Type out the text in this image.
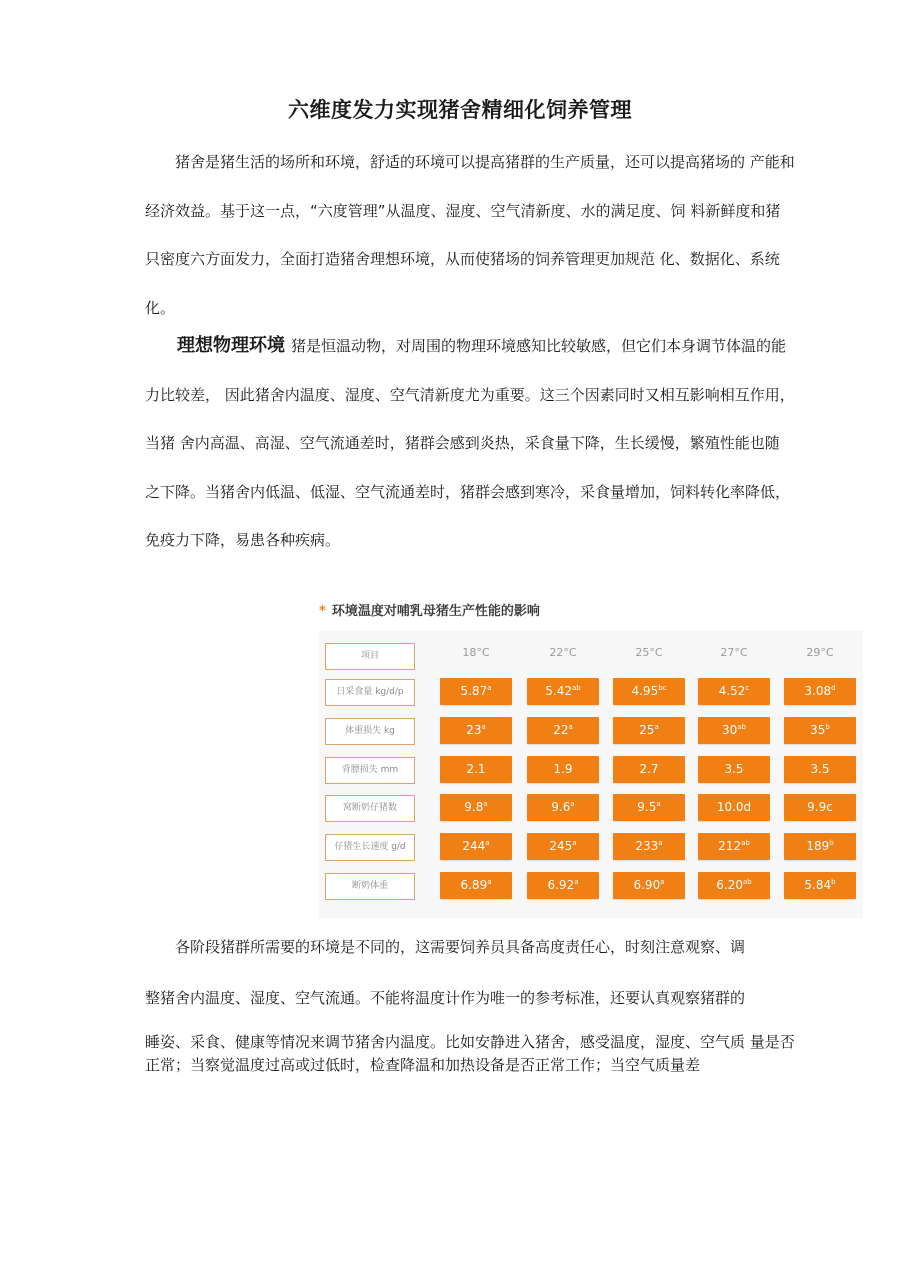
六维度发力实现猪舍精细化饲养管理

猪舍是猪生活的场所和环境，舒适的环境可以提高猪群的生产质量，还可以提高猪场的 产能和经济效益。基于这一点，“六度管理”从温度、湿度、空气清新度、水的满足度、饲 料新鲜度和猪只密度六方面发力，全面打造猪舍理想环境，从而使猪场的饲养管理更加规范 化、数据化、系统化。

理想物理环境 猪是恒温动物，对周围的物理环境感知比较敏感，但它们本身调节体温的能力比较差， 因此猪舍内温度、湿度、空气清新度尤为重要。这三个因素同时又相互影响相互作用，当猪 舍内高温、高湿、空气流通差时，猪群会感到炎热，采食量下降，生长缓慢，繁殖性能也随 之下降。当猪舍内低温、低湿、空气流通差时，猪群会感到寒冷，采食量增加，饲料转化率降低，免疫力下降，易患各种疾病。

* 环境温度对哺乳母猪生产性能的影响
项目	18°C	22°C	25°C	27°C	29°C
日采食量 kg/d/p	5.87$^a$	5.42$^{ab}$	4.95$^{bc}$	4.52$^c$	3.08$^d$
体重损失 kg	23$^a$	22$^a$	25$^a$	$30^{ab}$	35$^b$
背膘损失 mm	2.1	1.9	2.7	3.5	3.5
窝断奶仔猪数	9.8$^a$	9.6$^a$	9.5$^a$	10.0d	9.9c
仔猪生长速度 g/d	244$^a$	245$^a$	233$^a$	$212^{ab}$	189$^b$
断奶体重	6.89$^a$	6.92$^a$	6.90$^a$	6.20$^{ab}$	5.84$^b$

各阶段猪群所需要的环境是不同的，这需要饲养员具备高度责任心，时刻注意观察、调

整猪舍内温度、湿度、空气流通。不能将温度计作为唯一的参考标准，还要认真观察猪群的

睡姿、采食、健康等情况来调节猪舍内温度。比如安静进入猪舍，感受温度，湿度、空气质 量是否正常；当察觉温度过高或过低时，检查降温和加热设备是否正常工作；当空气质量差
